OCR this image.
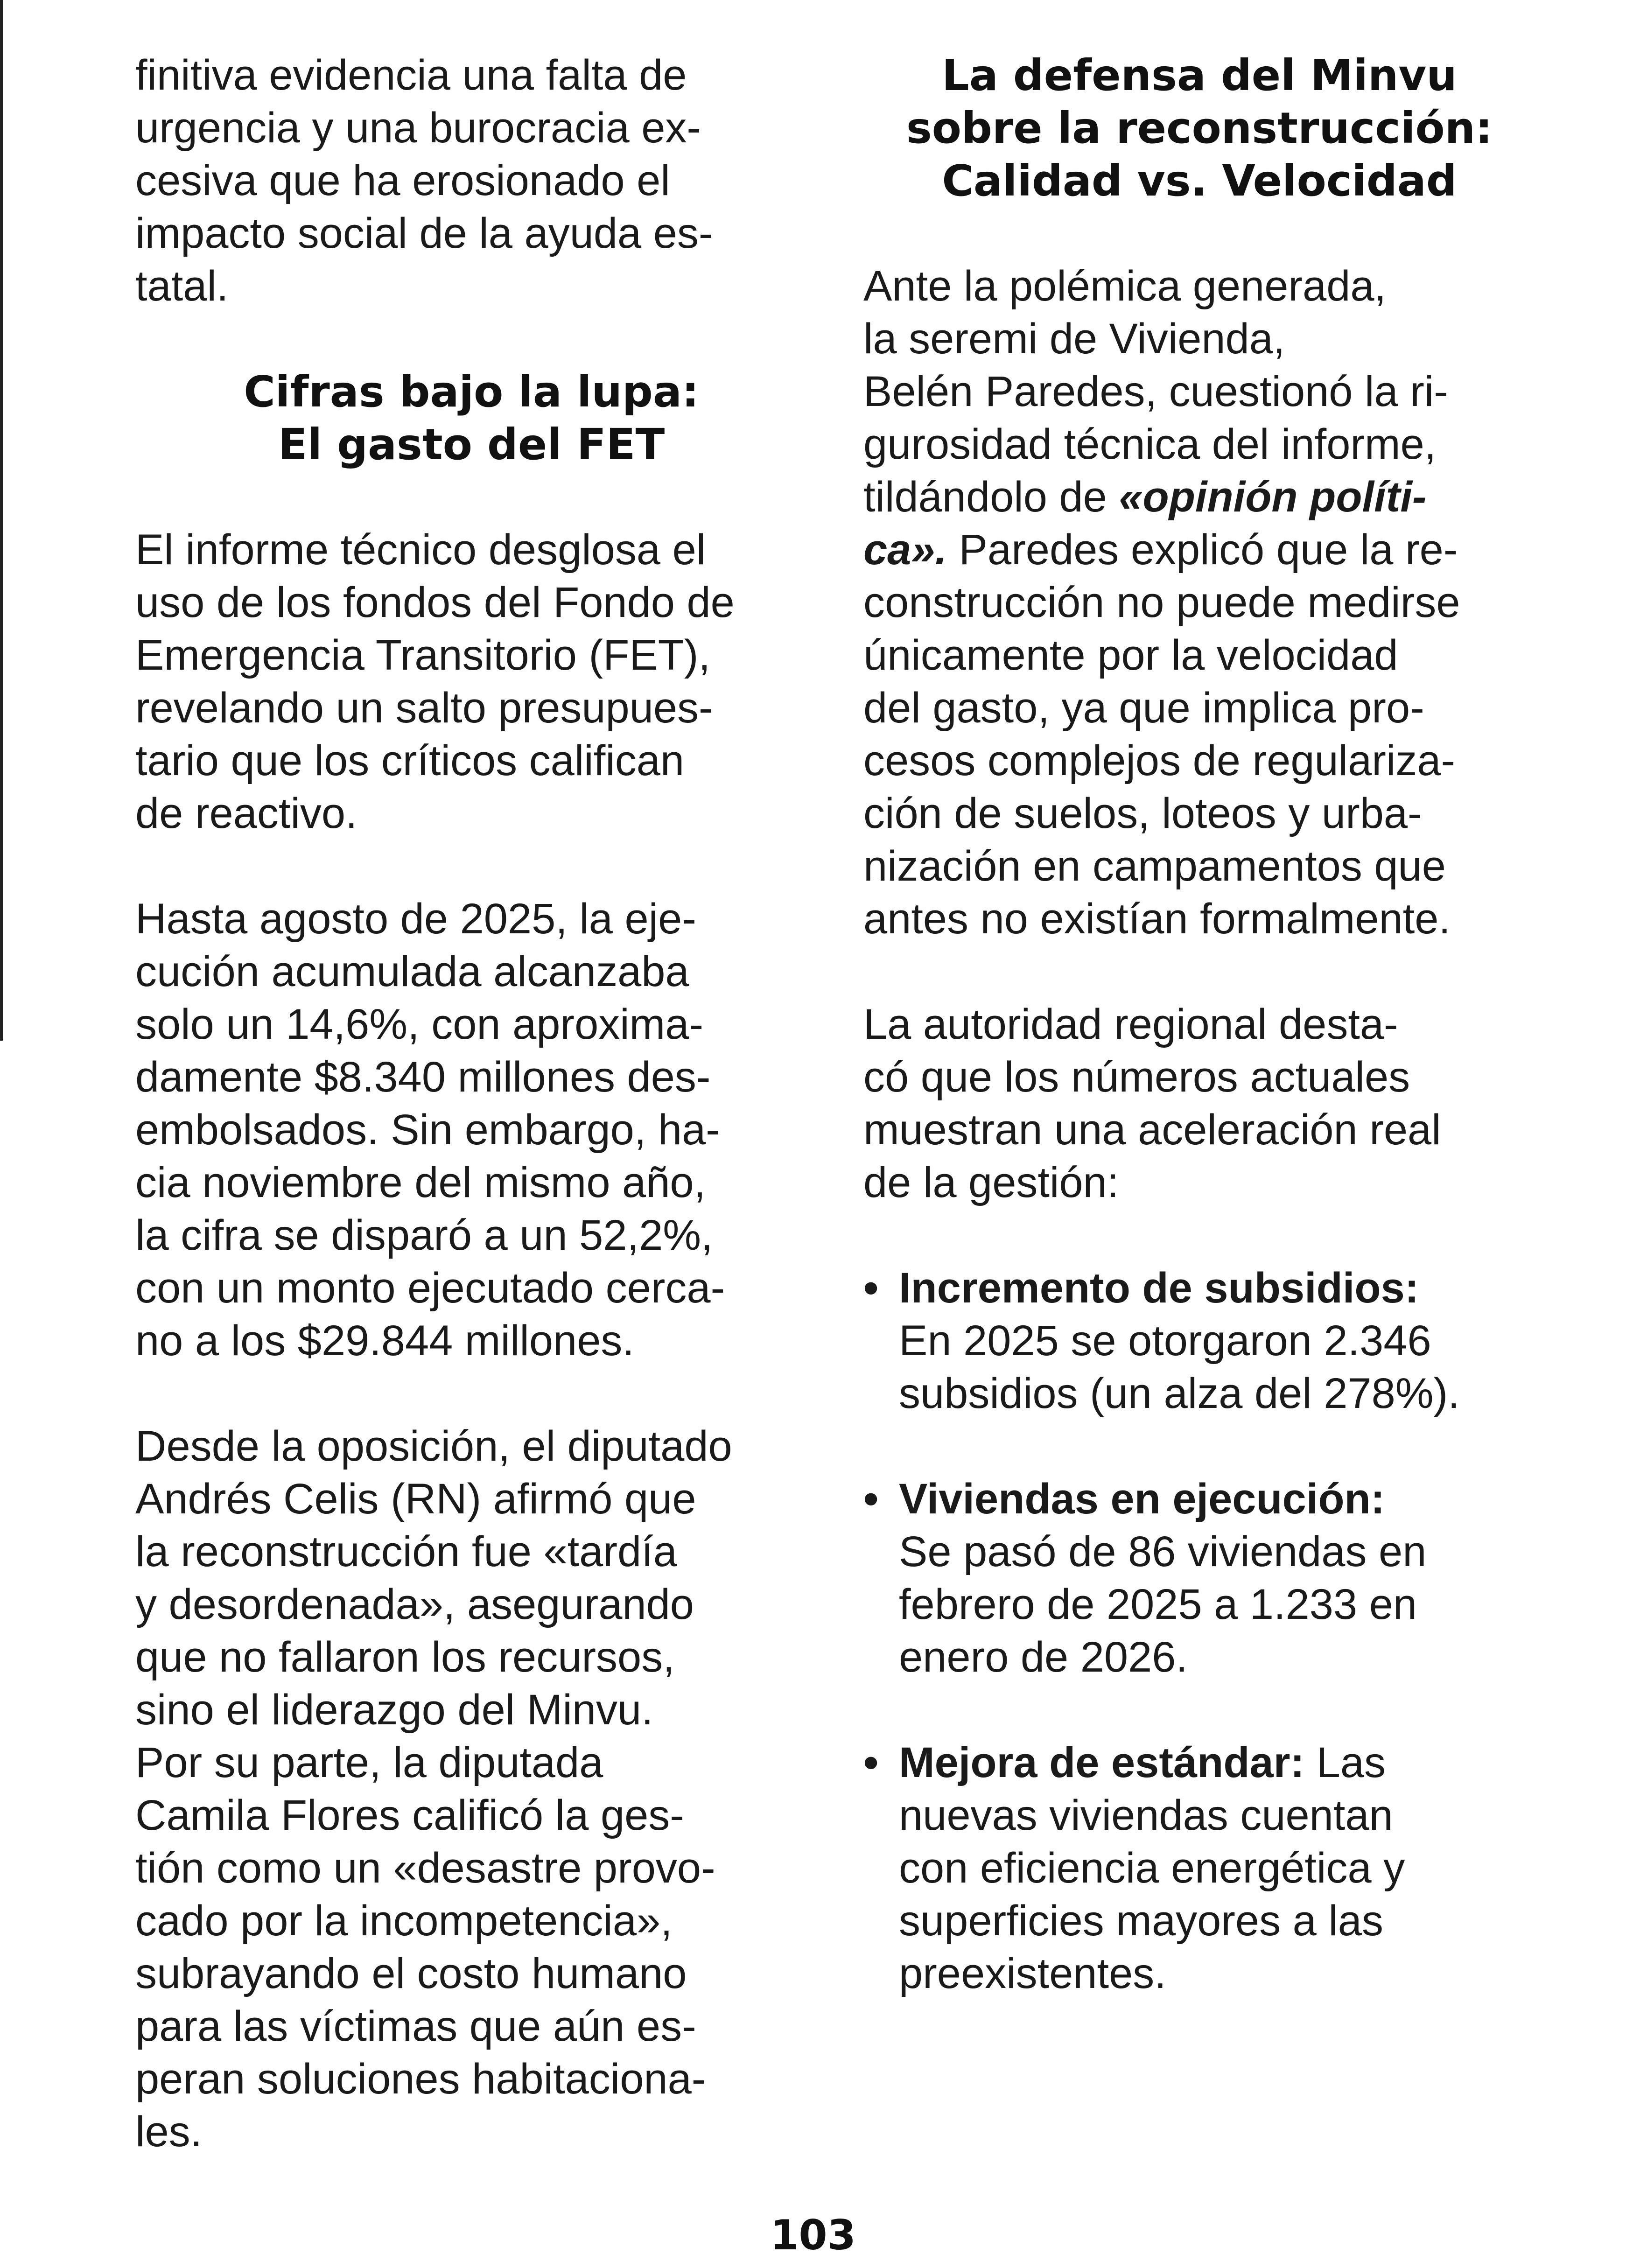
finitiva evidencia una falta de
urgencia y una burocracia ex-
cesiva que ha erosionado el
impacto social de la ayuda es-
tatal.

Cifras bajo la lupa:
El gasto del FET

El informe técnico desglosa el
uso de los fondos del Fondo de
Emergencia Transitorio (FET),
revelando un salto presupues-
tario que los críticos califican
de reactivo.

Hasta agosto de 2025, la eje-
cución acumulada alcanzaba
solo un 14,6%, con aproxima-
damente $8.340 millones des-
embolsados. Sin embargo, ha-
cia noviembre del mismo año,
la cifra se disparó a un 52,2%,
con un monto ejecutado cerca-
no a los $29.844 millones.

Desde la oposición, el diputado
Andrés Celis (RN) afirmó que
la reconstrucción fue «tardía
y desordenada», asegurando
que no fallaron los recursos,
sino el liderazgo del Minvu.
Por su parte, la diputada
Camila Flores calificó la ges-
tión como un «desastre provo-
cado por la incompetencia»,
subrayando el costo humano
para las víctimas que aún es-
peran soluciones habitaciona-
les.

La defensa del Minvu
sobre la reconstrucción:
Calidad vs. Velocidad

Ante la polémica generada,
la seremi de Vivienda,
Belén Paredes, cuestionó la ri-
gurosidad técnica del informe,
tildándolo de «opinión políti-
ca». Paredes explicó que la re-
construcción no puede medirse
únicamente por la velocidad
del gasto, ya que implica pro-
cesos complejos de regulariza-
ción de suelos, loteos y urba-
nización en campamentos que
antes no existían formalmente.

La autoridad regional desta-
có que los números actuales
muestran una aceleración real
de la gestión:

• Incremento de subsidios:
En 2025 se otorgaron 2.346
subsidios (un alza del 278%).
• Viviendas en ejecución:
Se pasó de 86 viviendas en
febrero de 2025 a 1.233 en
enero de 2026.
• Mejora de estándar: Las
nuevas viviendas cuentan
con eficiencia energética y
superficies mayores a las
preexistentes.
103
